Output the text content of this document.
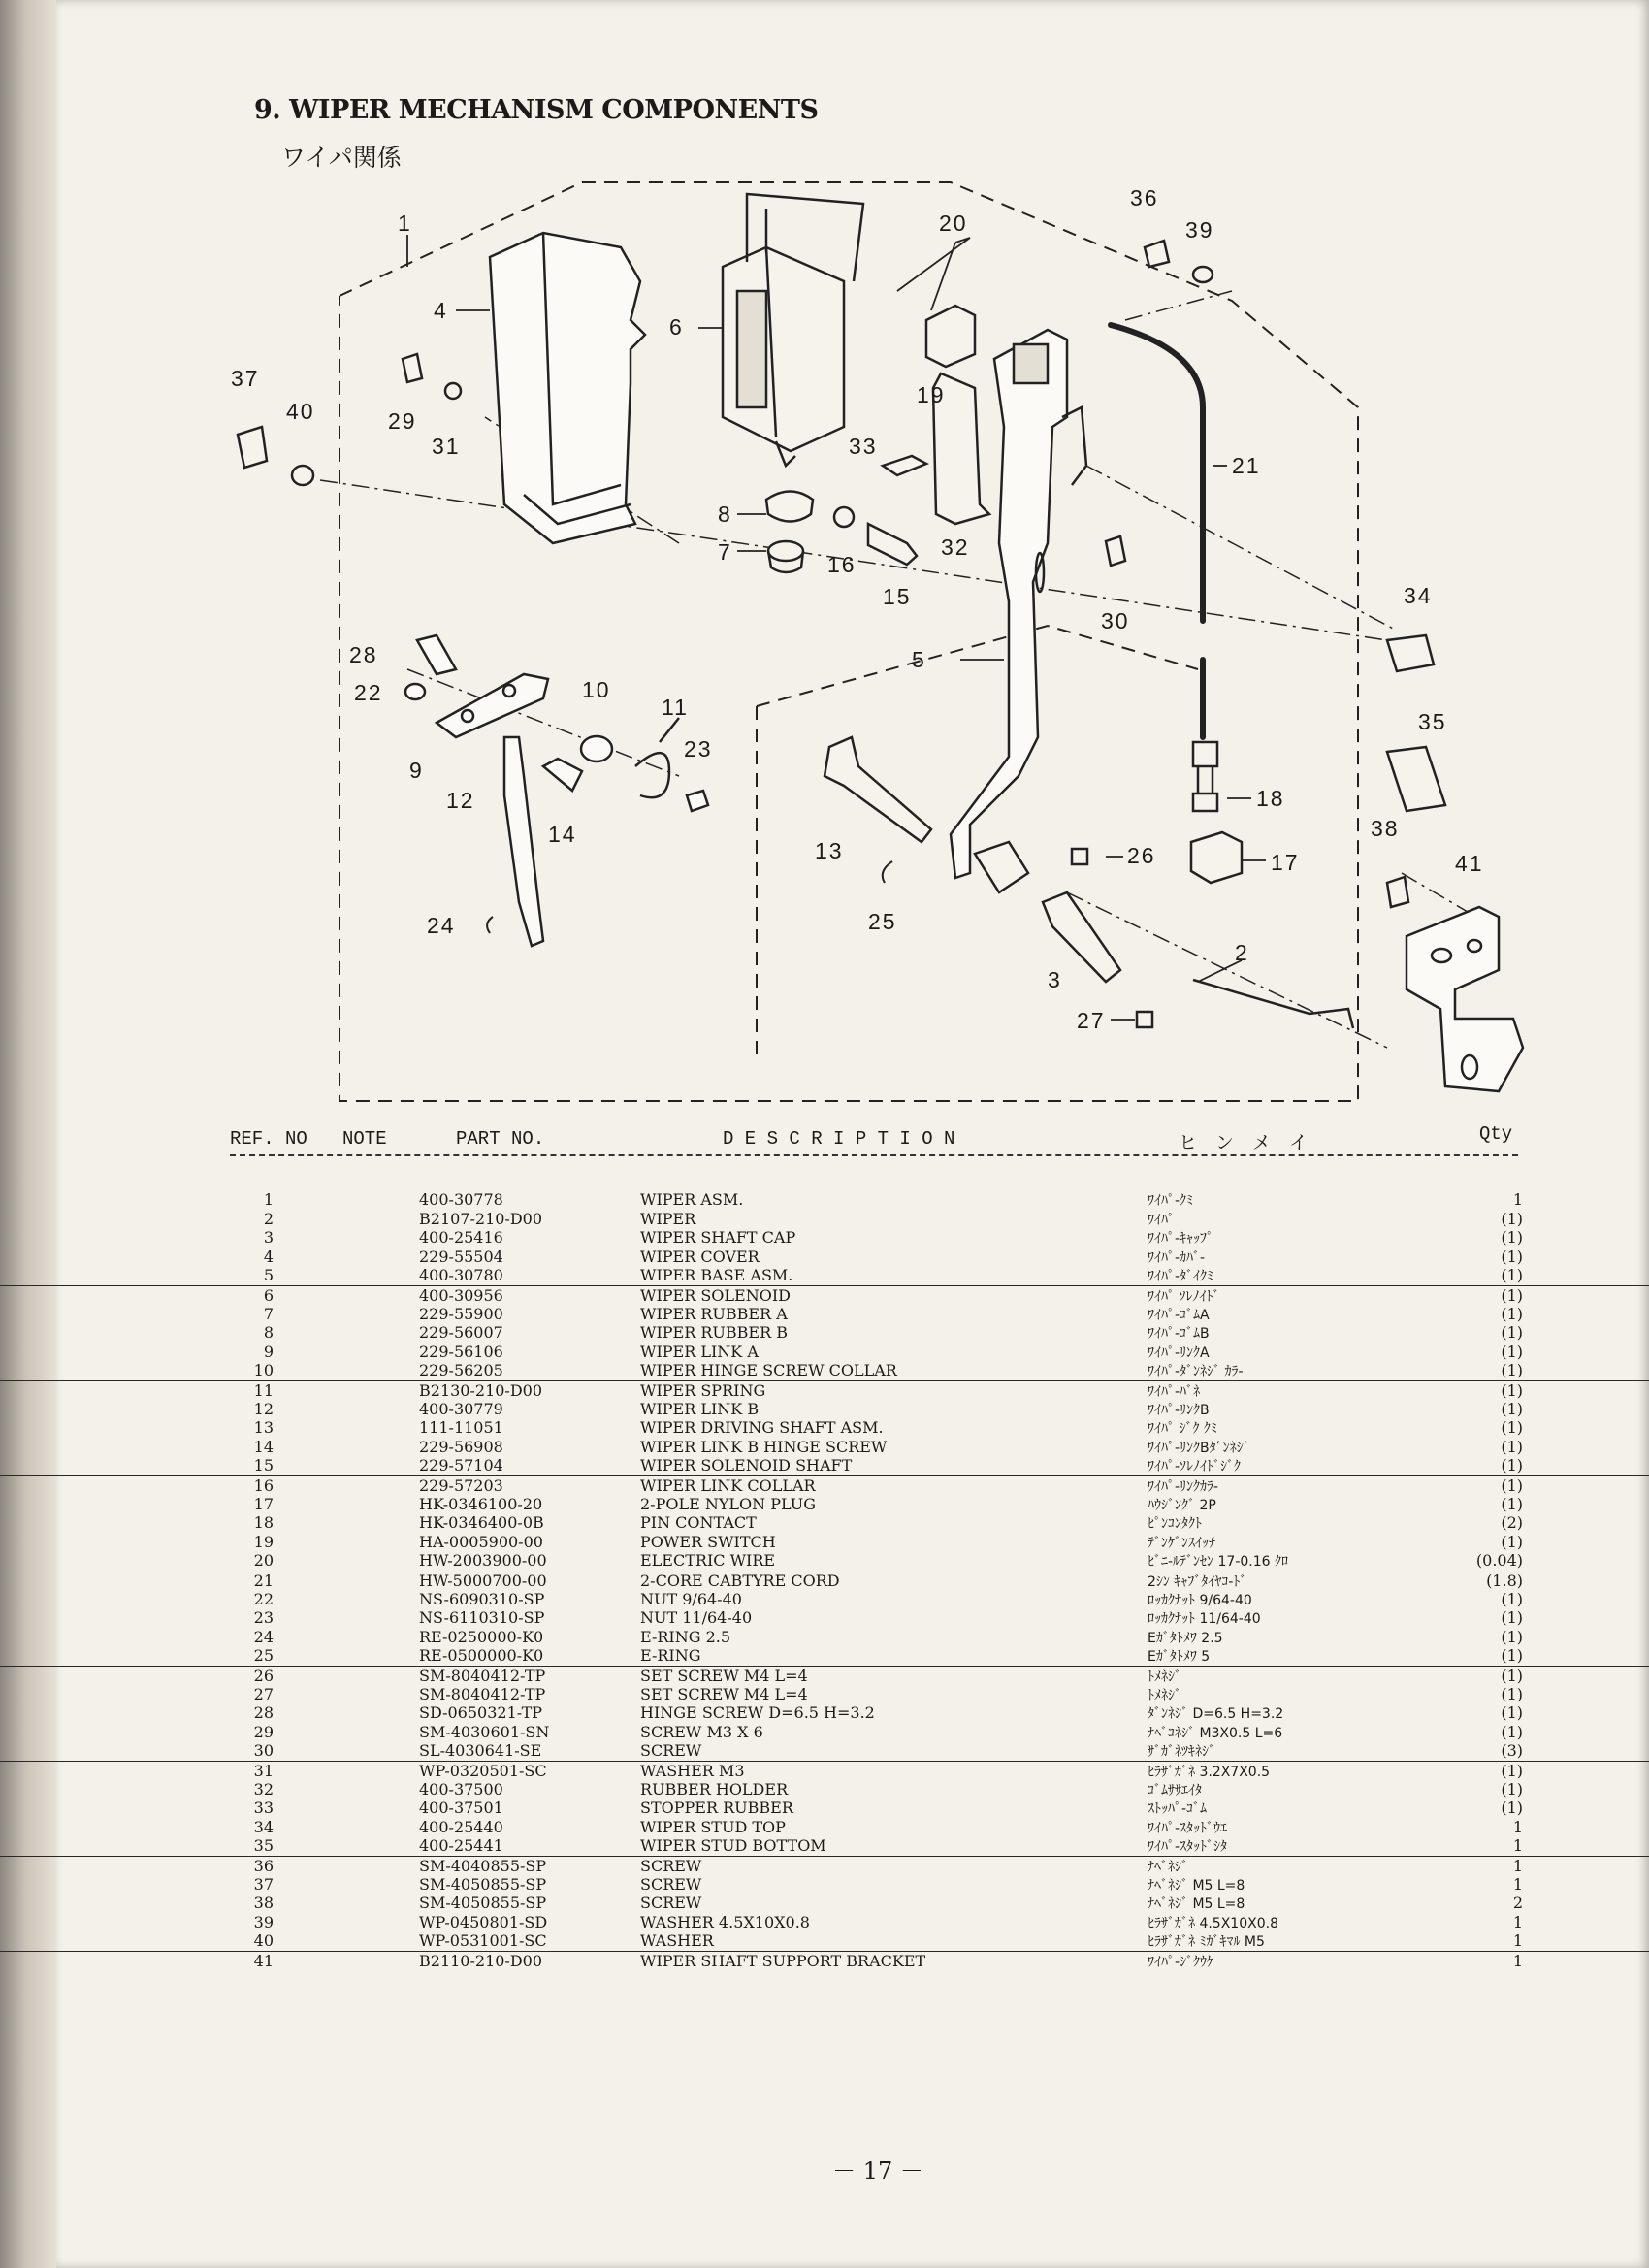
9. WIPER MECHANISM COMPONENTS
ワイパ関係
1
2
3
4
5
6
7
8
9
10
11
12
13
14
15
16
17
18
19
20
21
22
23
24	25
26
27
28
29
30
31
32
33
34
35
36
37
38
39
40
41
REF. NO NOTE	PART NO.	D E S C R I P T I O N	ヒ　ン　メ　イ	Qty
1	400-30778	WIPER ASM.	ﾜｲﾊﾟ-ｸﾐ	1
2	B2107-210-D00	WIPER	ﾜｲﾊﾟ	(1)
3	400-25416	WIPER SHAFT CAP	ﾜｲﾊﾟ-ｷｬｯﾌﾟ	(1)
4	229-55504	WIPER COVER	ﾜｲﾊﾟ-ｶﾊﾞ-	(1)
5	400-30780	WIPER BASE ASM.	ﾜｲﾊﾟ-ﾀﾞｲｸﾐ	(1)
6	400-30956	WIPER SOLENOID	ﾜｲﾊﾟ ｿﾚﾉｲﾄﾞ	(1)
7	229-55900	WIPER RUBBER A	ﾜｲﾊﾟ-ｺﾞﾑA	(1)
8	229-56007	WIPER RUBBER B	ﾜｲﾊﾟ-ｺﾞﾑB	(1)
9	229-56106	WIPER LINK A	ﾜｲﾊﾟ-ﾘﾝｸA	(1)
10	229-56205	WIPER HINGE SCREW COLLAR	ﾜｲﾊﾟ-ﾀﾞﾝﾈｼﾞ ｶﾗ-	(1)
11	B2130-210-D00	WIPER SPRING	ﾜｲﾊﾟ-ﾊﾞﾈ	(1)
12	400-30779	WIPER LINK B	ﾜｲﾊﾟ-ﾘﾝｸB	(1)
13	111-11051	WIPER DRIVING SHAFT ASM.	ﾜｲﾊﾟ ｼﾞｸ ｸﾐ	(1)
14	229-56908	WIPER LINK B HINGE SCREW	ﾜｲﾊﾟ-ﾘﾝｸBﾀﾞﾝﾈｼﾞ	(1)
15	229-57104	WIPER SOLENOID SHAFT	ﾜｲﾊﾟ-ｿﾚﾉｲﾄﾞｼﾞｸ	(1)
16	229-57203	WIPER LINK COLLAR	ﾜｲﾊﾟ-ﾘﾝｸｶﾗ-	(1)
17	HK-0346100-20	2-POLE NYLON PLUG	ﾊｳｼﾞﾝｸﾞ 2P	(1)
18	HK-0346400-0B	PIN CONTACT	ﾋﾟﾝｺﾝﾀｸﾄ	(2)
19	HA-0005900-00	POWER SWITCH	ﾃﾞﾝｹﾞﾝｽｲｯﾁ	(1)
20	HW-2003900-00	ELECTRIC WIRE	ﾋﾞﾆ-ﾙﾃﾞﾝｾﾝ 17-0.16 ｸﾛ	(0.04)
21	HW-5000700-00	2-CORE CABTYRE CORD	2ｼﾝ ｷｬﾌﾞﾀｲﾔｺ-ﾄﾞ	(1.8)
22	NS-6090310-SP	NUT 9/64-40	ﾛｯｶｸﾅｯﾄ 9/64-40	(1)
23	NS-6110310-SP	NUT 11/64-40	ﾛｯｶｸﾅｯﾄ 11/64-40	(1)
24	RE-0250000-K0	E-RING 2.5	Eｶﾞﾀﾄﾒﾜ 2.5	(1)
25	RE-0500000-K0	E-RING	Eｶﾞﾀﾄﾒﾜ 5	(1)
26	SM-8040412-TP	SET SCREW M4 L=4	ﾄﾒﾈｼﾞ	(1)
27	SM-8040412-TP	SET SCREW M4 L=4	ﾄﾒﾈｼﾞ	(1)
28	SD-0650321-TP	HINGE SCREW D=6.5 H=3.2	ﾀﾞﾝﾈｼﾞ D=6.5 H=3.2	(1)
29	SM-4030601-SN	SCREW M3 X 6	ﾅﾍﾞｺﾈｼﾞ M3X0.5 L=6	(1)
30	SL-4030641-SE	SCREW	ｻﾞｶﾞﾈﾂｷﾈｼﾞ	(3)
31	WP-0320501-SC	WASHER M3	ﾋﾗｻﾞｶﾞﾈ 3.2X7X0.5	(1)
32	400-37500	RUBBER HOLDER	ｺﾞﾑｻｻｴｲﾀ	(1)
33	400-37501	STOPPER RUBBER	ｽﾄｯﾊﾟ-ｺﾞﾑ	(1)
34	400-25440	WIPER STUD TOP	ﾜｲﾊﾟ-ｽﾀｯﾄﾞｳｴ	1
35	400-25441	WIPER STUD BOTTOM	ﾜｲﾊﾟ-ｽﾀｯﾄﾞｼﾀ	1
36	SM-4040855-SP	SCREW	ﾅﾍﾞﾈｼﾞ	1
37	SM-4050855-SP	SCREW	ﾅﾍﾞﾈｼﾞ M5 L=8	1
38	SM-4050855-SP	SCREW	ﾅﾍﾞﾈｼﾞ M5 L=8	2
39	WP-0450801-SD	WASHER 4.5X10X0.8	ﾋﾗｻﾞｶﾞﾈ 4.5X10X0.8	1
40	WP-0531001-SC	WASHER	ﾋﾗｻﾞｶﾞﾈ ﾐｶﾞｷﾏﾙ M5	1
41	B2110-210-D00	WIPER SHAFT SUPPORT BRACKET	ﾜｲﾊﾟ-ｼﾞｸｳｹ	1
－ 17 －
